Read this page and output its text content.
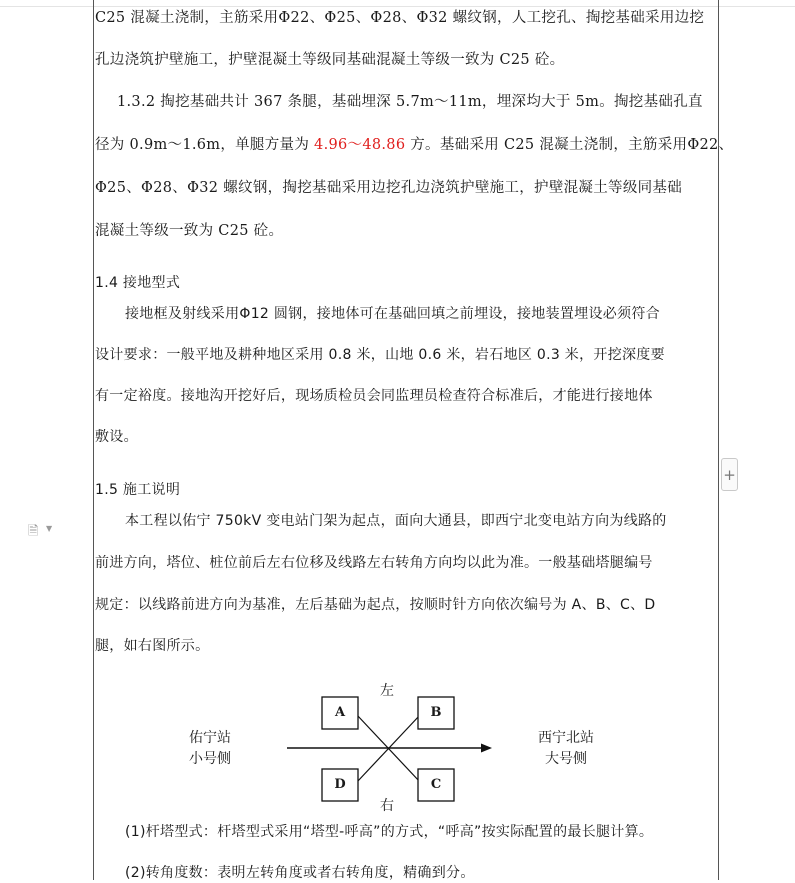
C25 混凝土浇制，主筋采用Φ22、Φ25、Φ28、Φ32 螺纹钢，人工挖孔、掏挖基础采用边挖
孔边浇筑护壁施工，护壁混凝土等级同基础混凝土等级一致为 C25 砼。
1.3.2 掏挖基础共计 367 条腿，基础埋深 5.7m～11m，埋深均大于 5m。掏挖基础孔直
径为 0.9m～1.6m，单腿方量为 4.96～48.86 方。基础采用 C25 混凝土浇制，主筋采用Φ22、
Φ25、Φ28、Φ32 螺纹钢，掏挖基础采用边挖孔边浇筑护壁施工，护壁混凝土等级同基础
混凝土等级一致为 C25 砼。
1.4 接地型式
接地框及射线采用Φ12 圆钢，接地体可在基础回填之前埋设，接地装置埋设必须符合
设计要求：一般平地及耕种地区采用 0.8 米，山地 0.6 米，岩石地区 0.3 米，开挖深度要
有一定裕度。接地沟开挖好后，现场质检员会同监理员检查符合标准后，才能进行接地体
敷设。
1.5 施工说明
本工程以佑宁 750kV 变电站门架为起点，面向大通县，即西宁北变电站方向为线路的
前进方向，塔位、桩位前后左右位移及线路左右转角方向均以此为准。一般基础塔腿编号
规定：以线路前进方向为基准，左后基础为起点，按顺时针方向依次编号为 A、B、C、D
腿，如右图所示。
A	B
C
D
左
右
佑宁站
小号侧
西宁北站
大号侧
(1)杆塔型式：杆塔型式采用“塔型-呼高”的方式，“呼高”按实际配置的最长腿计算。
(2)转角度数：表明左转角度或者右转角度，精确到分。
🗎 ▼
+
